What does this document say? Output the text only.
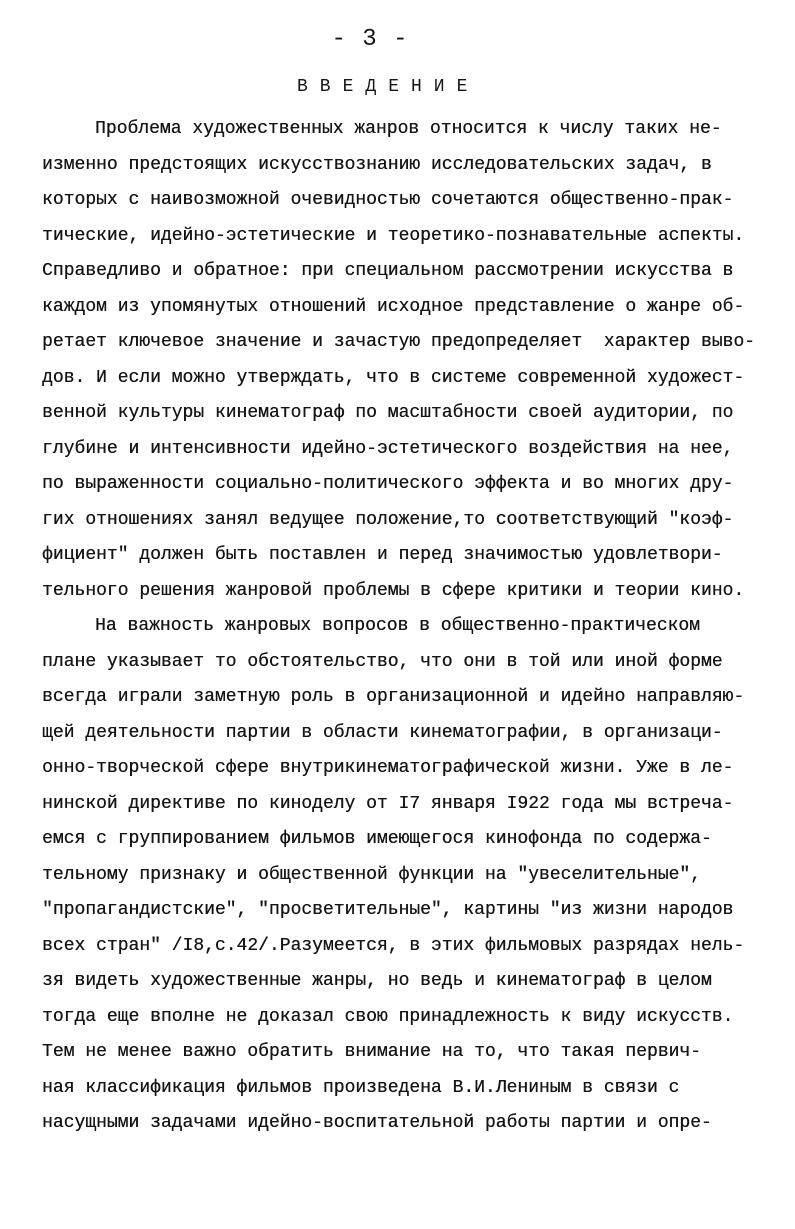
- 3 -
В В Е Д Е Н И Е
Проблема художественных жанров относится к числу таких не-
изменно предстоящих искусствознанию исследовательских задач, в
которых с наивозможной очевидностью сочетаются общественно-прак-
тические, идейно-эстетические и теоретико-познавательные аспекты.
Справедливо и обратное: при специальном рассмотрении искусства в
каждом из упомянутых отношений исходное представление о жанре об-
ретает ключевое значение и зачастую предопределяет  характер выво-
дов. И если можно утверждать, что в системе современной художест-
венной культуры кинематограф по масштабности своей аудитории, по
глубине и интенсивности идейно-эстетического воздействия на нее,
по выраженности социально-политического эффекта и во многих дру-
гих отношениях занял ведущее положение,то соответствующий "коэф-
фициент" должен быть поставлен и перед значимостью удовлетвори-
тельного решения жанровой проблемы в сфере критики и теории кино.
На важность жанровых вопросов в общественно-практическом
плане указывает то обстоятельство, что они в той или иной форме
всегда играли заметную роль в организационной и идейно направляю-
щей деятельности партии в области кинематографии, в организаци-
онно-творческой сфере внутрикинематографической жизни. Уже в ле-
нинской директиве по киноделу от I7 января I922 года мы встреча-
емся с группированием фильмов имеющегося кинофонда по содержа-
тельному признаку и общественной функции на "увеселительные",
"пропагандистские", "просветительные", картины "из жизни народов
всех стран" /I8,с.42/.Разумеется, в этих фильмовых разрядах нель-
зя видеть художественные жанры, но ведь и кинематограф в целом
тогда еще вполне не доказал свою принадлежность к виду искусств.
Тем не менее важно обратить внимание на то, что такая первич-
ная классификация фильмов произведена В.И.Лениным в связи с
насущными задачами идейно-воспитательной работы партии и опре-
